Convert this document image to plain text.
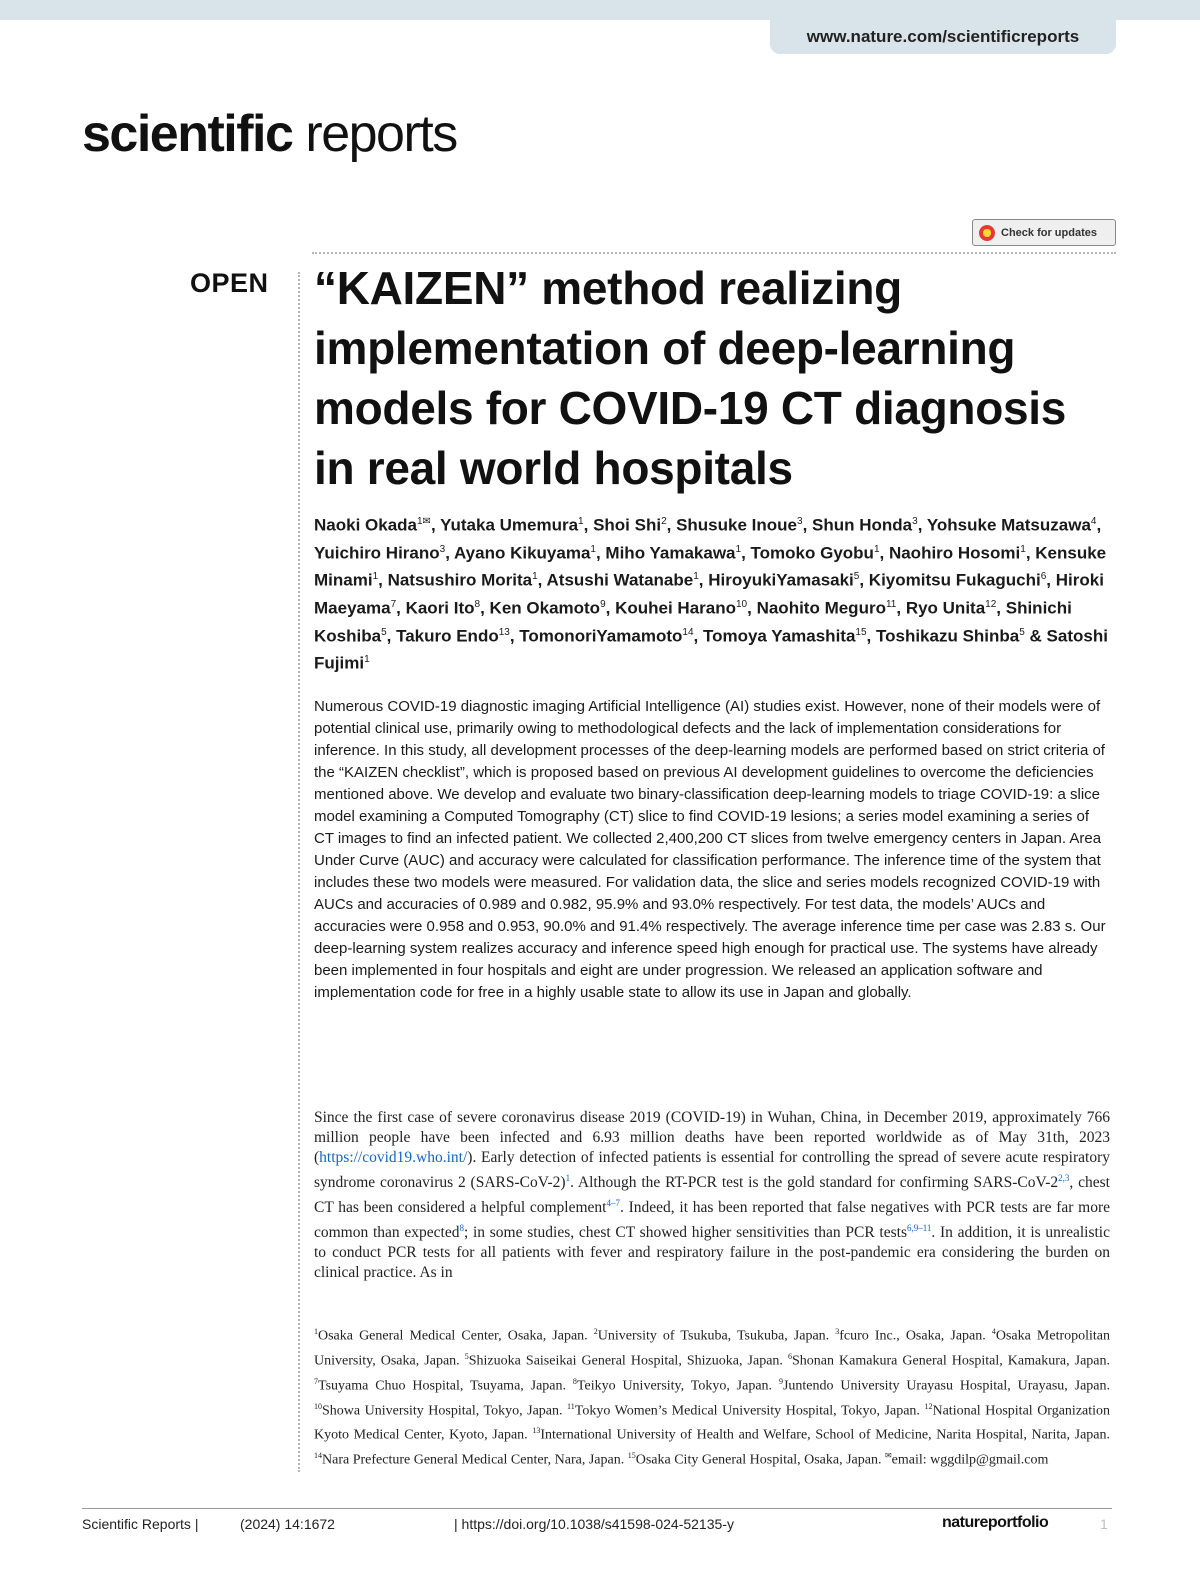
www.nature.com/scientificreports
scientific reports
Check for updates
OPEN “KAIZEN” method realizing implementation of deep-learning models for COVID-19 CT diagnosis in real world hospitals
Naoki Okada$^{1✉}$, Yutaka Umemura$^1$, Shoi Shi$^2$, Shusuke Inoue$^3$, Shun Honda$^3$, Yohsuke Matsuzawa$^4$, Yuichiro Hirano$^3$, Ayano Kikuyama$^1$, Miho Yamakawa$^1$, Tomoko Gyobu$^1$, Naohiro Hosomi$^1$, Kensuke Minami$^1$, Natsushiro Morita$^1$, Atsushi Watanabe$^1$, HiroyukiYamasaki$^5$, Kiyomitsu Fukaguchi$^6$, Hiroki Maeyama$^7$, Kaori Ito$^8$, Ken Okamoto$^9$, Kouhei Harano$^{10}$, Naohito Meguro$^{11}$, Ryo Unita$^{12}$, Shinichi Koshiba$^5$, Takuro Endo$^{13}$, TomonoriYamamoto$^{14}$, Tomoya Yamashita$^{15}$, Toshikazu Shinba$^5$ & Satoshi Fujimi$^1$
Numerous COVID-19 diagnostic imaging Artificial Intelligence (AI) studies exist. However, none of their models were of potential clinical use, primarily owing to methodological defects and the lack of implementation considerations for inference. In this study, all development processes of the deep-learning models are performed based on strict criteria of the “KAIZEN checklist”, which is proposed based on previous AI development guidelines to overcome the deficiencies mentioned above. We develop and evaluate two binary-classification deep-learning models to triage COVID-19: a slice model examining a Computed Tomography (CT) slice to find COVID-19 lesions; a series model examining a series of CT images to find an infected patient. We collected 2,400,200 CT slices from twelve emergency centers in Japan. Area Under Curve (AUC) and accuracy were calculated for classification performance. The inference time of the system that includes these two models were measured. For validation data, the slice and series models recognized COVID-19 with AUCs and accuracies of 0.989 and 0.982, 95.9% and 93.0% respectively. For test data, the models’ AUCs and accuracies were 0.958 and 0.953, 90.0% and 91.4% respectively. The average inference time per case was 2.83 s. Our deep-learning system realizes accuracy and inference speed high enough for practical use. The systems have already been implemented in four hospitals and eight are under progression. We released an application software and implementation code for free in a highly usable state to allow its use in Japan and globally.
Since the first case of severe coronavirus disease 2019 (COVID-19) in Wuhan, China, in December 2019, approximately 766 million people have been infected and 6.93 million deaths have been reported worldwide as of May 31th, 2023 (https://covid19.who.int/). Early detection of infected patients is essential for controlling the spread of severe acute respiratory syndrome coronavirus 2 (SARS-CoV-2)$^1$. Although the RT-PCR test is the gold standard for confirming SARS-CoV-2$^{2,3}$, chest CT has been considered a helpful complement$^{4-7}$. Indeed, it has been reported that false negatives with PCR tests are far more common than expected$^8$; in some studies, chest CT showed higher sensitivities than PCR tests$^{6,9-11}$. In addition, it is unrealistic to conduct PCR tests for all patients with fever and respiratory failure in the post-pandemic era considering the burden on clinical practice. As in
$^1$Osaka General Medical Center, Osaka, Japan. $^2$University of Tsukuba, Tsukuba, Japan. $^3$fcuro Inc., Osaka, Japan. $^4$Osaka Metropolitan University, Osaka, Japan. $^5$Shizuoka Saiseikai General Hospital, Shizuoka, Japan. $^6$Shonan Kamakura General Hospital, Kamakura, Japan. $^7$Tsuyama Chuo Hospital, Tsuyama, Japan. $^8$Teikyo University, Tokyo, Japan. $^9$Juntendo University Urayasu Hospital, Urayasu, Japan. $^{10}$Showa University Hospital, Tokyo, Japan. $^{11}$Tokyo Women’s Medical University Hospital, Tokyo, Japan. $^{12}$National Hospital Organization Kyoto Medical Center, Kyoto, Japan. $^{13}$International University of Health and Welfare, School of Medicine, Narita Hospital, Narita, Japan. $^{14}$Nara Prefecture General Medical Center, Nara, Japan. $^{15}$Osaka City General Hospital, Osaka, Japan. ✉email: wggdilp@gmail.com
Scientific Reports |	(2024) 14:1672	| https://doi.org/10.1038/s41598-024-52135-y	natureportfolio	1
